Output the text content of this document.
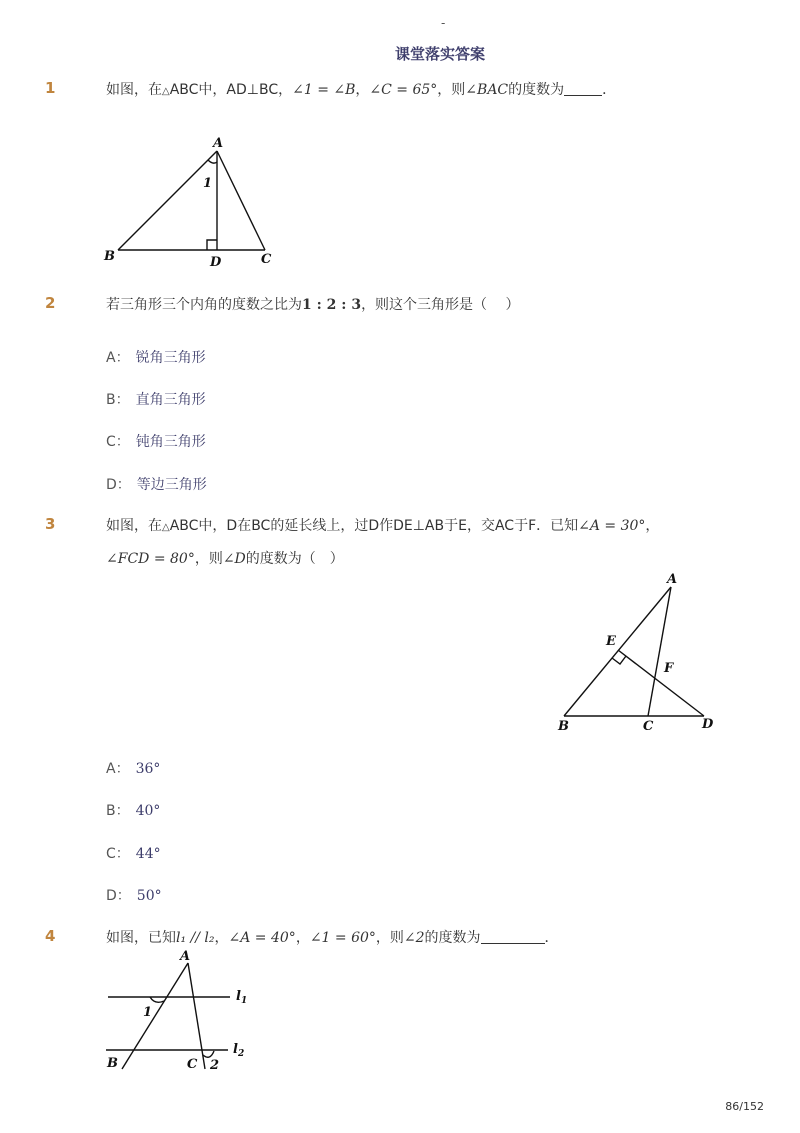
-
课堂落实答案
1	如图，在△ABC中，AD⊥BC，∠1 = ∠B，∠C = 65°，则∠BAC的度数为	．
A
B	D	C
1
2	若三角形三个内角的度数之比为1 : 2 : 3，则这个三角形是（　 ）
A： 锐角三角形
B： 直角三角形
C： 钝角三角形
D： 等边三角形
3	如图，在△ABC中，D在BC的延长线上，过D作DE⊥AB于E，交AC于F．已知∠A = 30°，
∠FCD = 80°，则∠D的度数为（　）
A
E
F
B	C	D
A： 36°
B： 40°
C： 44°
D： 50°
4	如图，已知l₁ // l₂，∠A = 40°，∠1 = 60°，则∠2的度数为	．
A
1
B	C 2
$l_1$
$l_2$
86/152
